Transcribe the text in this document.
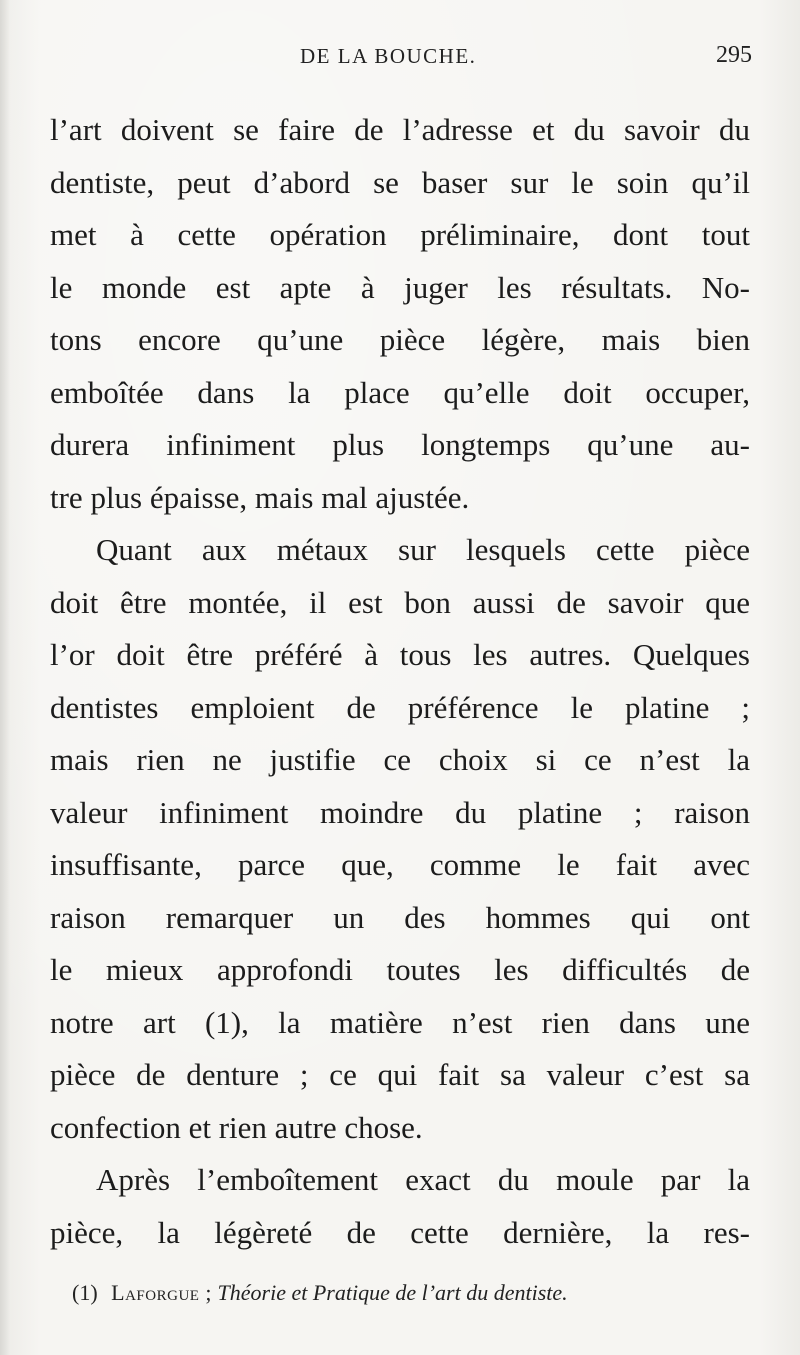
DE LA BOUCHE.	295
l’art doivent se faire de l’adresse et du savoir du
dentiste, peut d’abord se baser sur le soin qu’il
met à cette opération préliminaire, dont tout
le monde est apte à juger les résultats. No-
tons encore qu’une pièce légère, mais bien
emboîtée dans la place qu’elle doit occuper,
durera infiniment plus longtemps qu’une au-
tre plus épaisse, mais mal ajustée.
Quant aux métaux sur lesquels cette pièce
doit être montée, il est bon aussi de savoir que
l’or doit être préféré à tous les autres. Quelques
dentistes emploient de préférence le platine ;
mais rien ne justifie ce choix si ce n’est la
valeur infiniment moindre du platine ; raison
insuffisante, parce que, comme le fait avec
raison remarquer un des hommes qui ont
le mieux approfondi toutes les difficultés de
notre art (1), la matière n’est rien dans une
pièce de denture ; ce qui fait sa valeur c’est sa
confection et rien autre chose.
Après l’emboîtement exact du moule par la
pièce, la légèreté de cette dernière, la res-
(1) Laforgue ; Théorie et Pratique de l’art du dentiste.
